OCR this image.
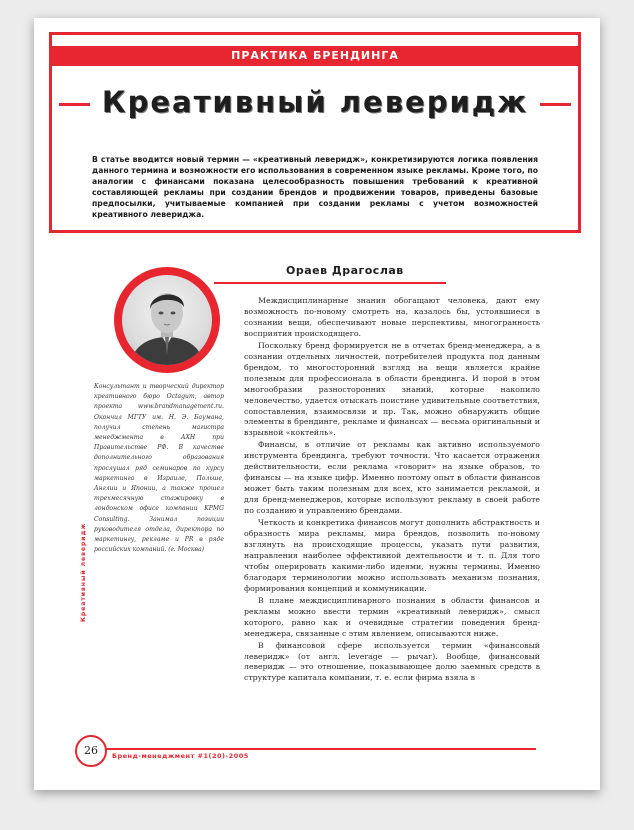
ПРАКТИКА БРЕНДИНГА
Креативный леверидж
В статье вводится новый термин — «креативный леверидж», конкретизируются логика появления данного термина и возможности его использования в современном языке рекламы. Кроме того, по аналогии с финансами показана целесообразность повышения требований к креативной составляющей рекламы при создании брендов и продвижении товаров, приведены базовые предпосылки, учитываемые компанией при создании рекламы с учетом возможностей креативного левериджа.
Ораев Драгослав
Консультант и творческий директор креативного бюро Octagum, автор проекта www.brandmanagement.ru. Окончил МГТУ им. Н. Э. Баумана, получил степень магистра менеджмента в АХН при Правительстве РФ. В качестве дополнительного образования прослушал ряд семинаров по курсу маркетинга в Израиле, Польше, Англии и Японии, а также прошел трехмесячную стажировку в лондонском офисе компании KPMG Consulting. Занимал позиции руководителя отдела, директора по маркетингу, рекламе и PR в ряде российских компаний. (г. Москва)

Междисциплинарные знания обогащают человека, дают ему возможность по-новому смотреть на, казалось бы, устоявшиеся в сознании вещи, обеспечивают новые перспективы, многогранность восприятия происходящего.

Поскольку бренд формируется не в отчетах бренд-менеджера, а в сознании отдельных личностей, потребителей продукта под данным брендом, то многосторонний взгляд на вещи является крайне полезным для профессионала в области брендинга. И порой в этом многообразии разносторонних знаний, которые накопило человечество, удается отыскать поистине удивительные соответствия, сопоставления, взаимосвязи и пр. Так, можно обнаружить общие элементы в брендинге, рекламе и финансах — весьма оригинальный и взрывной «коктейль».

Финансы, в отличие от рекламы как активно используемого инструмента брендинга, требуют точности. Что касается отражения действительности, если реклама «говорит» на языке образов, то финансы — на языке цифр. Именно поэтому опыт в области финансов может быть таким полезным для всех, кто занимается рекламой, и для бренд-менеджеров, которые используют рекламу в своей работе по созданию и управлению брендами.

Четкость и конкретика финансов могут дополнить абстрактность и образность мира рекламы, мира брендов, позволить по-новому взглянуть на происходящие процессы, указать пути развития, направления наиболее эффективной деятельности и т. п. Для того чтобы оперировать какими-либо идеями, нужны термины. Именно благодаря терминологии можно использовать механизм познания, формирования концепций и коммуникации.

В плане междисциплинарного познания в области финансов и рекламы можно ввести термин «креативный леверидж», смысл которого, равно как и очевидные стратегии поведения бренд-менеджера, связанные с этим явлением, описываются ниже.

В финансовой сфере используется термин «финансовый леверидж» (от англ. leverage — рычаг). Вообще, финансовый леверидж — это отношение, показывающее долю заемных средств в структуре капитала компании, т. е. если фирма взяла в

Креативный леверидж
26	Бренд-менеджмент #1(20)-2005
